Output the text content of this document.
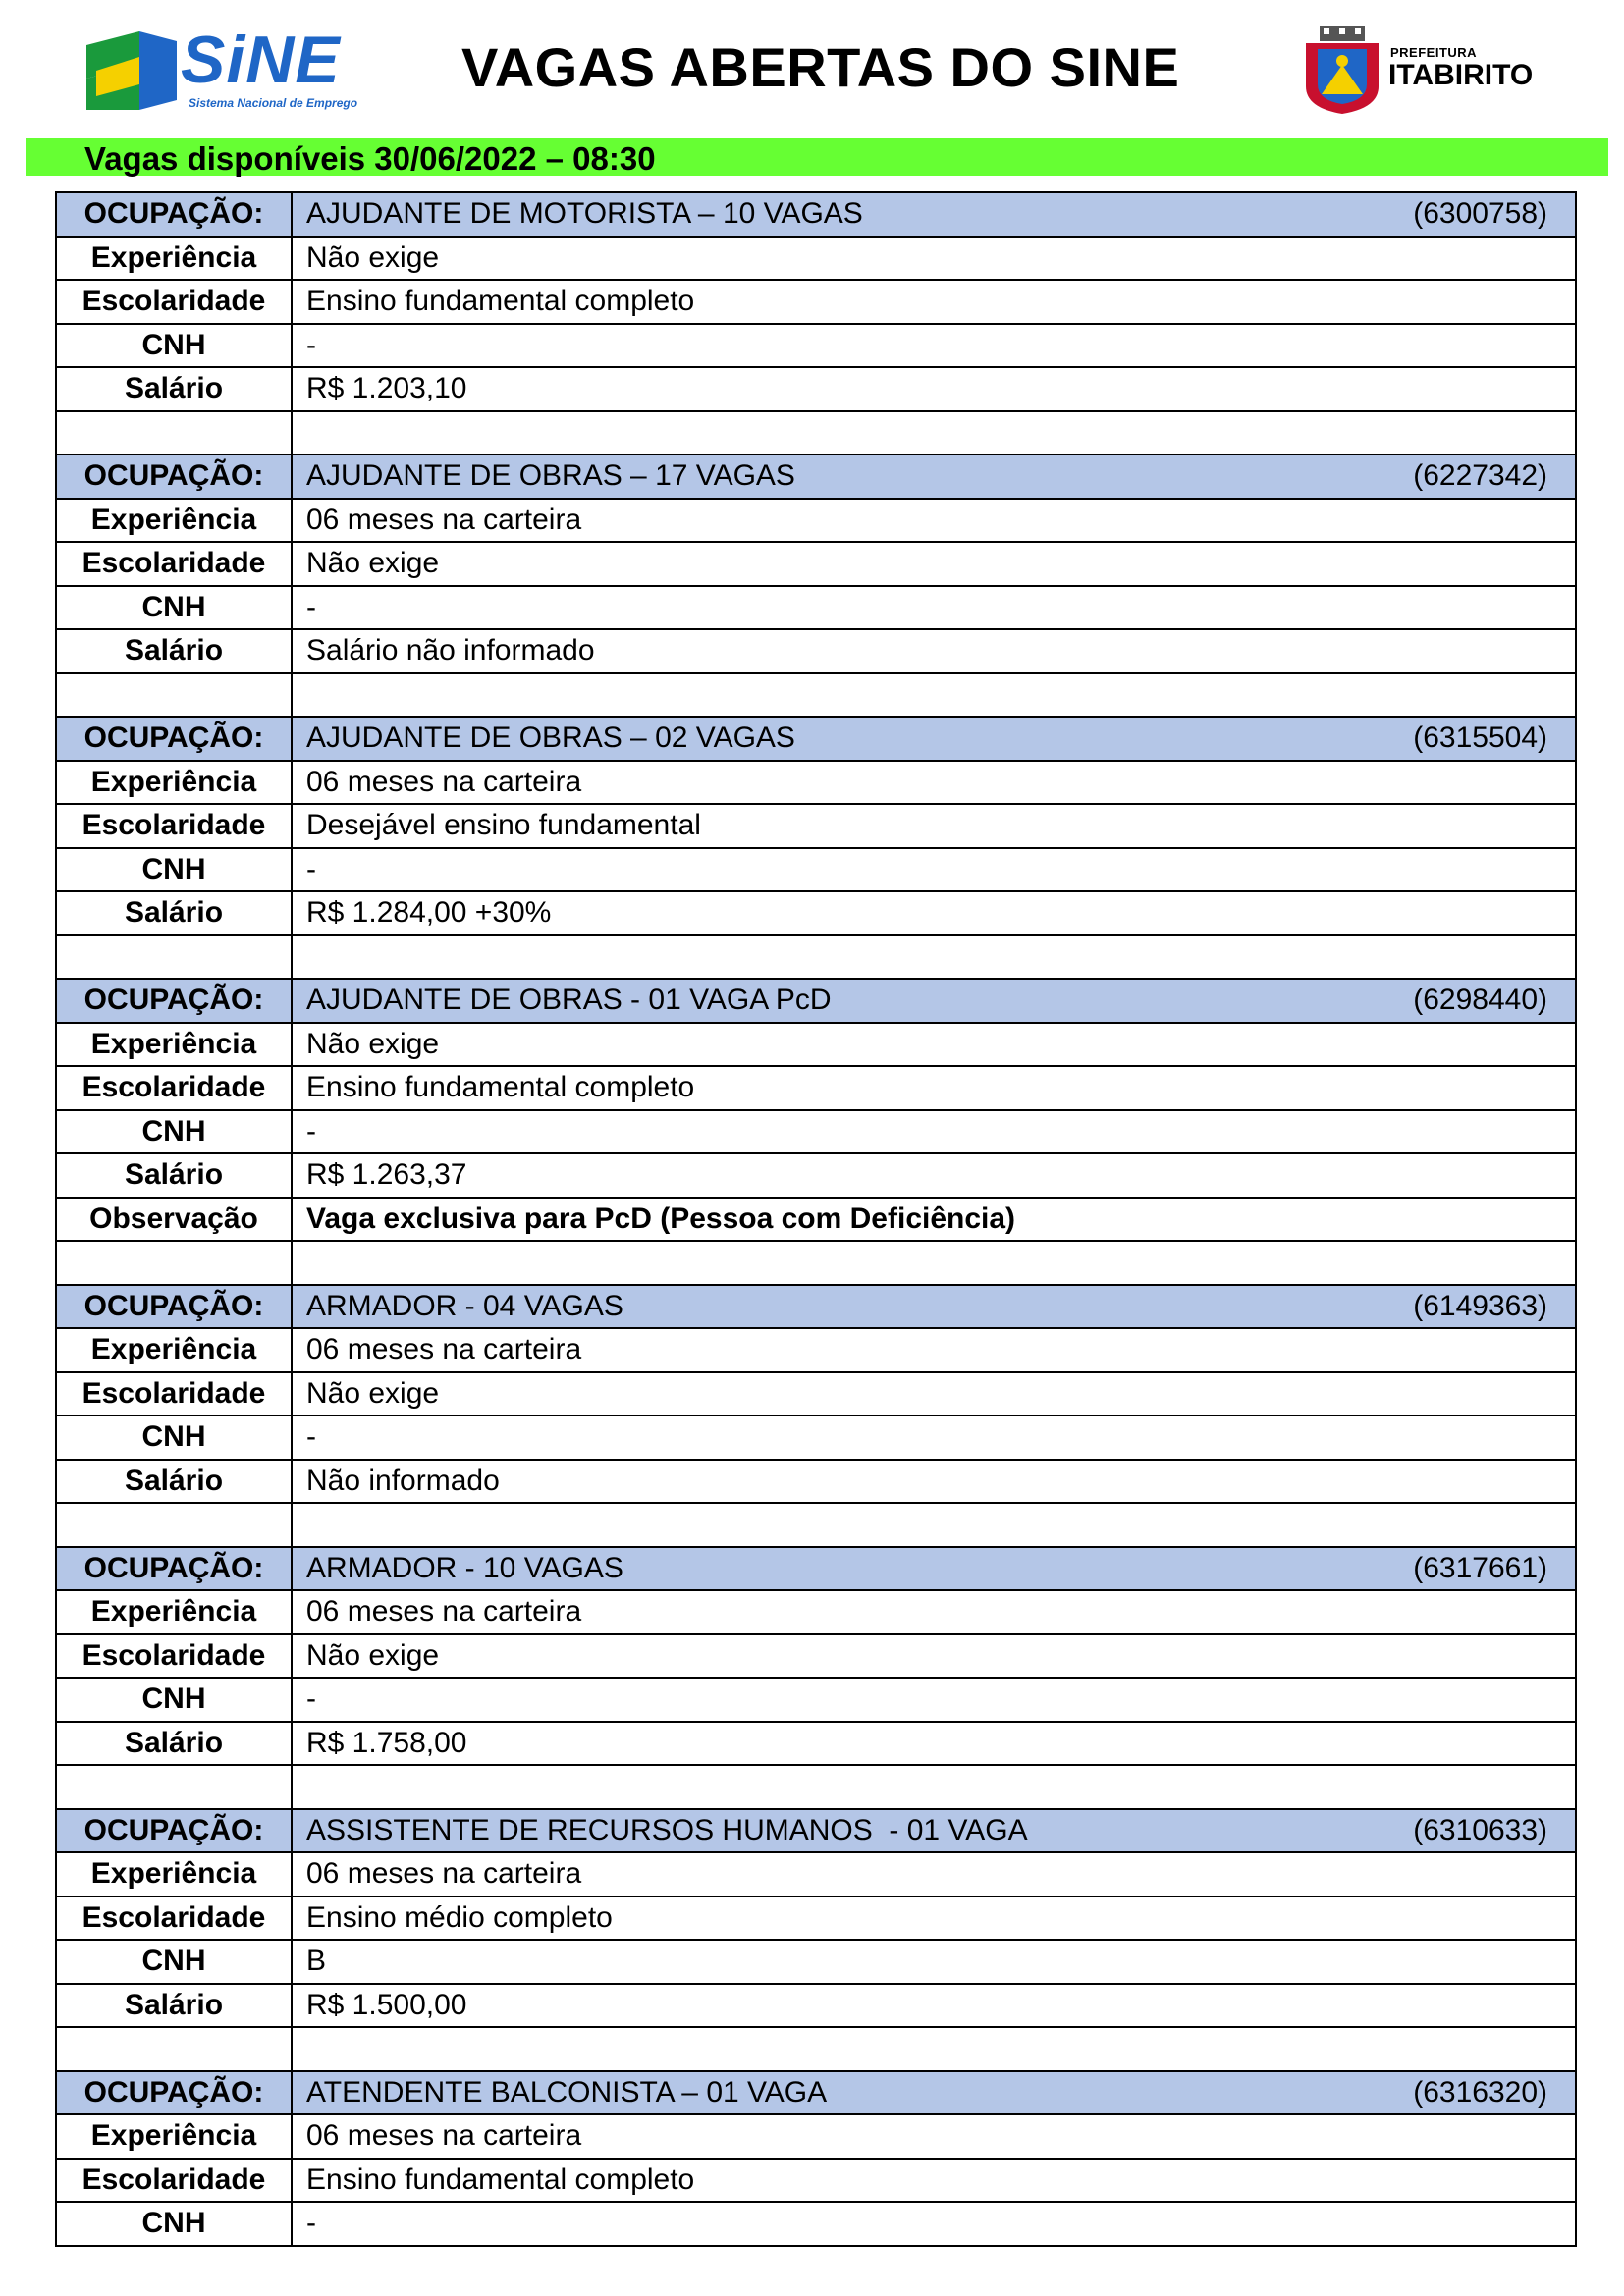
SiNE
Sistema Nacional de Emprego
VAGAS ABERTAS DO SINE	PREFEITURA
ITABIRITO
Vagas disponíveis 30/06/2022 – 08:30
OCUPAÇÃO:	AJUDANTE DE MOTORISTA – 10 VAGAS (6300758)

Experiência	Não exige
Escolaridade	Ensino fundamental completo
CNH	-
Salário	R$ 1.203,10

OCUPAÇÃO:	AJUDANTE DE OBRAS – 17 VAGAS (6227342)

Experiência	06 meses na carteira
Escolaridade	Não exige
CNH	-
Salário	Salário não informado

OCUPAÇÃO:	AJUDANTE DE OBRAS – 02 VAGAS (6315504)

Experiência	06 meses na carteira
Escolaridade	Desejável ensino fundamental
CNH	-
Salário	R$ 1.284,00 +30%

OCUPAÇÃO:	AJUDANTE DE OBRAS - 01 VAGA PcD (6298440)

Experiência	Não exige
Escolaridade	Ensino fundamental completo
CNH	-
Salário	R$ 1.263,37
Observação	Vaga exclusiva para PcD (Pessoa com Deficiência)

OCUPAÇÃO:	ARMADOR - 04 VAGAS (6149363)

Experiência	06 meses na carteira
Escolaridade	Não exige
CNH	-
Salário	Não informado

OCUPAÇÃO:	ARMADOR - 10 VAGAS (6317661)

Experiência	06 meses na carteira
Escolaridade	Não exige
CNH	-
Salário	R$ 1.758,00

OCUPAÇÃO:	ASSISTENTE DE RECURSOS HUMANOS  - 01 VAGA (6310633)

Experiência	06 meses na carteira
Escolaridade	Ensino médio completo
CNH	B
Salário	R$ 1.500,00

OCUPAÇÃO:	ATENDENTE BALCONISTA – 01 VAGA (6316320)

Experiência	06 meses na carteira
Escolaridade	Ensino fundamental completo
CNH	-
